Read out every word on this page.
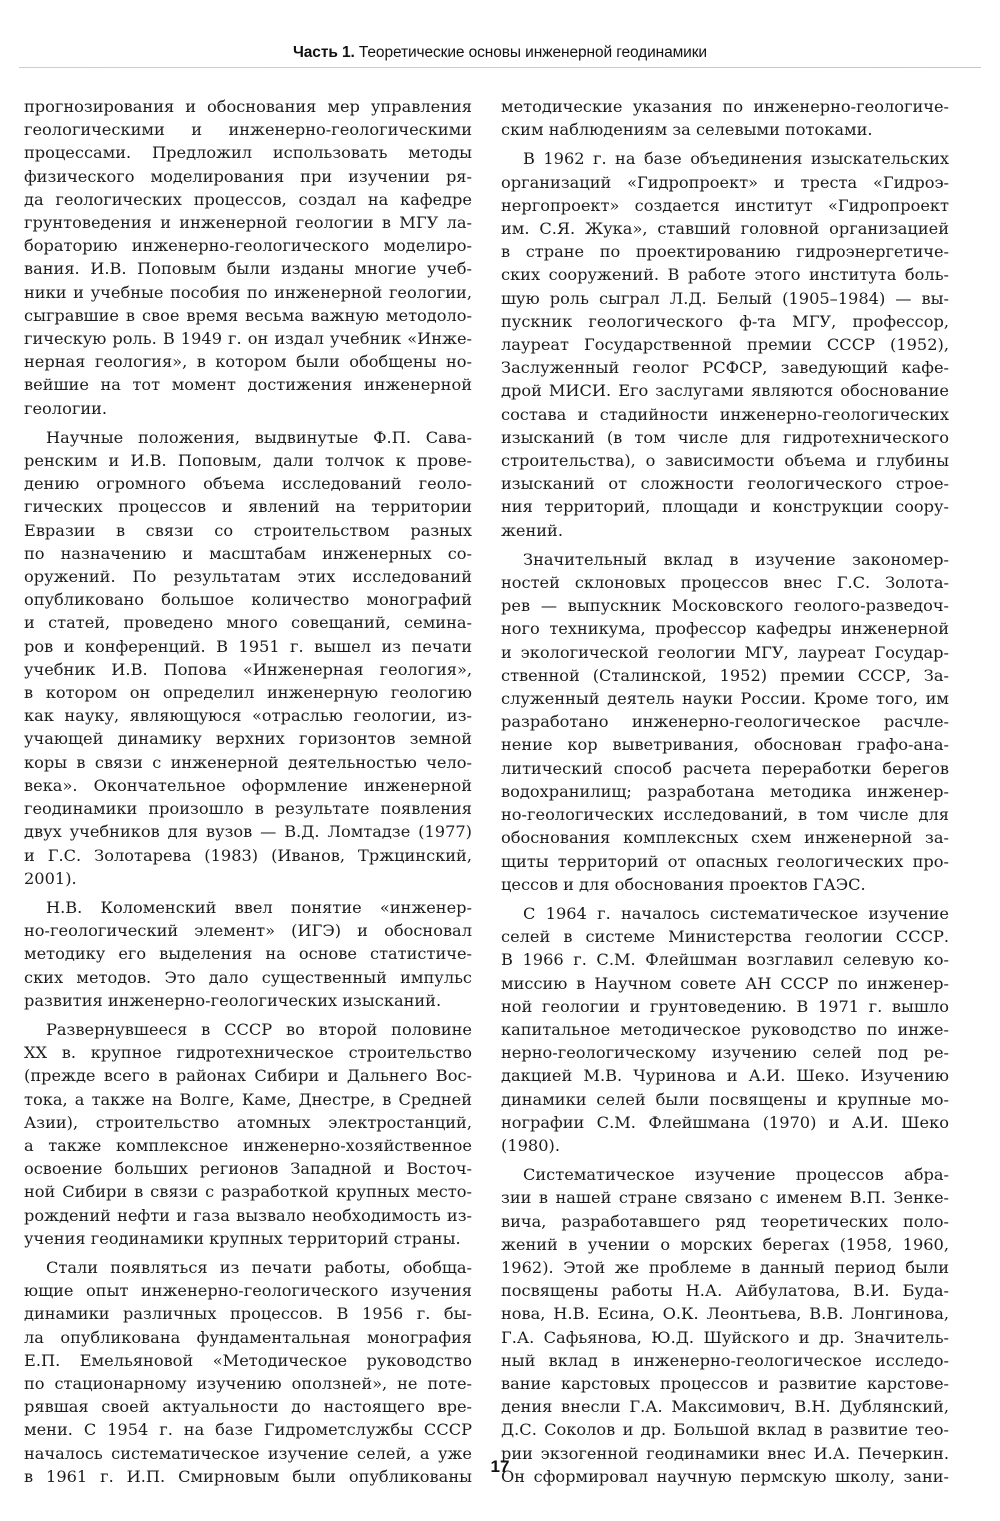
Часть 1. Теоретические основы инженерной геодинамики

прогнозирования и обоснования мер управления
геологическими и инженерно-геологическими
процессами. Предложил использовать методы
физического моделирования при изучении ря-
да геологических процессов, создал на кафедре
грунтоведения и инженерной геологии в МГУ ла-
бораторию инженерно-геологического моделиро-
вания. И.В. Поповым были изданы многие учеб-
ники и учебные пособия по инженерной геологии,
сыгравшие в свое время весьма важную методоло-
гическую роль. В 1949 г. он издал учебник «Инже-
нерная геология», в котором были обобщены но-
вейшие на тот момент достижения инженерной
геологии.

Научные положения, выдвинутые Ф.П. Сава-
ренским и И.В. Поповым, дали толчок к прове-
дению огромного объема исследований геоло-
гических процессов и явлений на территории
Евразии в связи со строительством разных
по назначению и масштабам инженерных со-
оружений. По результатам этих исследований
опубликовано большое количество монографий
и статей, проведено много совещаний, семина-
ров и конференций. В 1951 г. вышел из печати
учебник И.В. Попова «Инженерная геология»,
в котором он определил инженерную геологию
как науку, являющуюся «отраслью геологии, из-
учающей динамику верхних горизонтов земной
коры в связи с инженерной деятельностью чело-
века». Окончательное оформление инженерной
геодинамики произошло в результате появления
двух учебников для вузов — В.Д. Ломтадзе (1977)
и Г.С. Золотарева (1983) (Иванов, Тржцинский,
2001).

Н.В. Коломенский ввел понятие «инженер-
но-геологический элемент» (ИГЭ) и обосновал
методику его выделения на основе статистиче-
ских методов. Это дало существенный импульс
развития инженерно-геологических изысканий.

Развернувшееся в СССР во второй половине
XX в. крупное гидротехническое строительство
(прежде всего в районах Сибири и Дальнего Вос-
тока, а также на Волге, Каме, Днестре, в Средней
Азии), строительство атомных электростанций,
а также комплексное инженерно-хозяйственное
освоение больших регионов Западной и Восточ-
ной Сибири в связи с разработкой крупных место-
рождений нефти и газа вызвало необходимость из-
учения геодинамики крупных территорий страны.

Стали появляться из печати работы, обобща-
ющие опыт инженерно-геологического изучения
динамики различных процессов. В 1956 г. бы-
ла опубликована фундаментальная монография
Е.П. Емельяновой «Методическое руководство
по стационарному изучению оползней», не поте-
рявшая своей актуальности до настоящего вре-
мени. С 1954 г. на базе Гидрометслужбы СССР
началось систематическое изучение селей, а уже
в 1961 г. И.П. Смирновым были опубликованы

методические указания по инженерно-геологиче-
ским наблюдениям за селевыми потоками.

В 1962 г. на базе объединения изыскательских
организаций «Гидропроект» и треста «Гидроэ-
нергопроект» создается институт «Гидропроект
им. С.Я. Жука», ставший головной организацией
в стране по проектированию гидроэнергетиче-
ских сооружений. В работе этого института боль-
шую роль сыграл Л.Д. Белый (1905–1984) — вы-
пускник геологического ф-та МГУ, профессор,
лауреат Государственной премии СССР (1952),
Заслуженный геолог РСФСР, заведующий кафе-
дрой МИСИ. Его заслугами являются обоснование
состава и стадийности инженерно-геологических
изысканий (в том числе для гидротехнического
строительства), о зависимости объема и глубины
изысканий от сложности геологического строе-
ния территорий, площади и конструкции соору-
жений.

Значительный вклад в изучение закономер-
ностей склоновых процессов внес Г.С. Золота-
рев — выпускник Московского геолого-разведоч-
ного техникума, профессор кафедры инженерной
и экологической геологии МГУ, лауреат Государ-
ственной (Сталинской, 1952) премии СССР, За-
служенный деятель науки России. Кроме того, им
разработано инженерно-геологическое расчле-
нение кор выветривания, обоснован графо-ана-
литический способ расчета переработки берегов
водохранилищ; разработана методика инженер-
но-геологических исследований, в том числе для
обоснования комплексных схем инженерной за-
щиты территорий от опасных геологических про-
цессов и для обоснования проектов ГАЭС.

С 1964 г. началось систематическое изучение
селей в системе Министерства геологии СССР.
В 1966 г. С.М. Флейшман возглавил селевую ко-
миссию в Научном совете АН СССР по инженер-
ной геологии и грунтоведению. В 1971 г. вышло
капитальное методическое руководство по инже-
нерно-геологическому изучению селей под ре-
дакцией М.В. Чуринова и А.И. Шеко. Изучению
динамики селей были посвящены и крупные мо-
нографии С.М. Флейшмана (1970) и А.И. Шеко
(1980).

Систематическое изучение процессов абра-
зии в нашей стране связано с именем В.П. Зенке-
вича, разработавшего ряд теоретических поло-
жений в учении о морских берегах (1958, 1960,
1962). Этой же проблеме в данный период были
посвящены работы Н.А. Айбулатова, В.И. Буда-
нова, Н.В. Есина, О.К. Леонтьева, В.В. Лонгинова,
Г.А. Сафьянова, Ю.Д. Шуйского и др. Значитель-
ный вклад в инженерно-геологическое исследо-
вание карстовых процессов и развитие карстове-
дения внесли Г.А. Максимович, В.Н. Дублянский,
Д.С. Соколов и др. Большой вклад в развитие тео-
рии экзогенной геодинамики внес И.А. Печеркин.
Он сформировал научную пермскую школу, зани-

17
